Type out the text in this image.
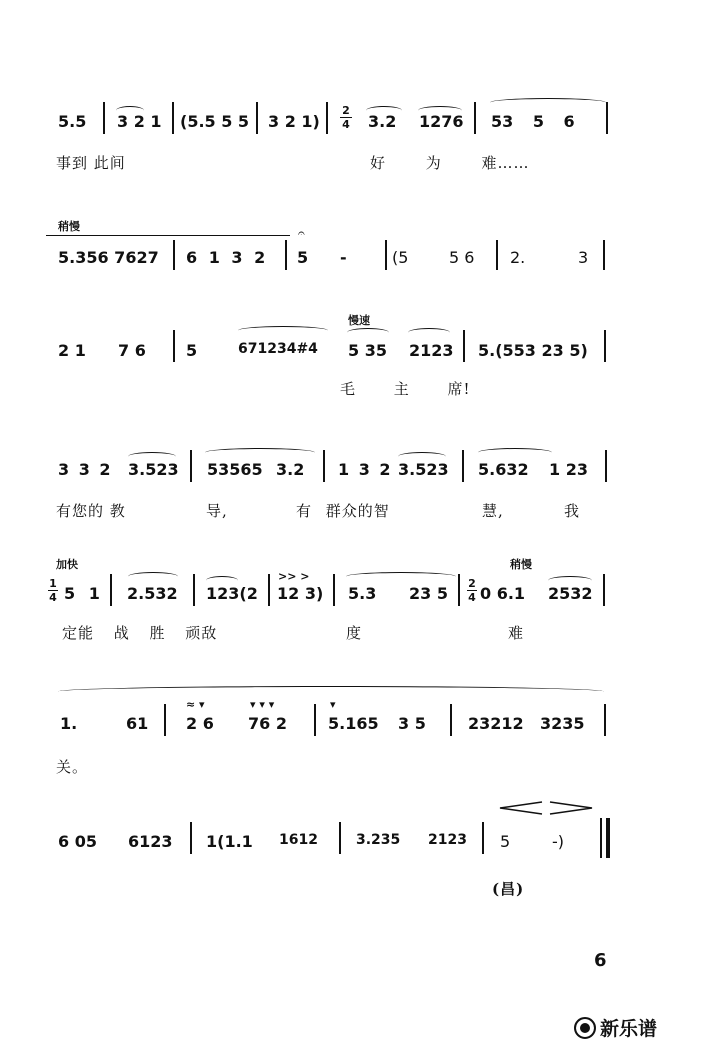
5.5 3 2 1 (5.5 5 5 3 2 1)
2
4 3.2 1276 53 5 6
事到 此间	好 为 难……
稍慢
5.356 7627 6 1 3 2
𝄐
5 -	(5	5 6 2.	3
2 1 7 6	5	671234#4
慢速
5 35 2123 5.(553 23 5)
毛 主 席!
3 3 2 3.523 53565 3.2 1 3 2 3.523 5.632 1 23
有您的 教	导,	有 群众的智	慧,	我
加快	稍慢
1
4 5 1 2.532 123(2
>> >
12 3) 5.3 23 5
2
4 0 6.1 2532
定能 战 胜 顽敌	度	难
1.	61
≈ ▾
2 6
▾ ▾ ▾
76 2
▾
5.165 3 5	23212 3235
关。
6 05 6123 1(1.1 1612	3.235 2123 5	-)
(昌)
6
新乐谱
